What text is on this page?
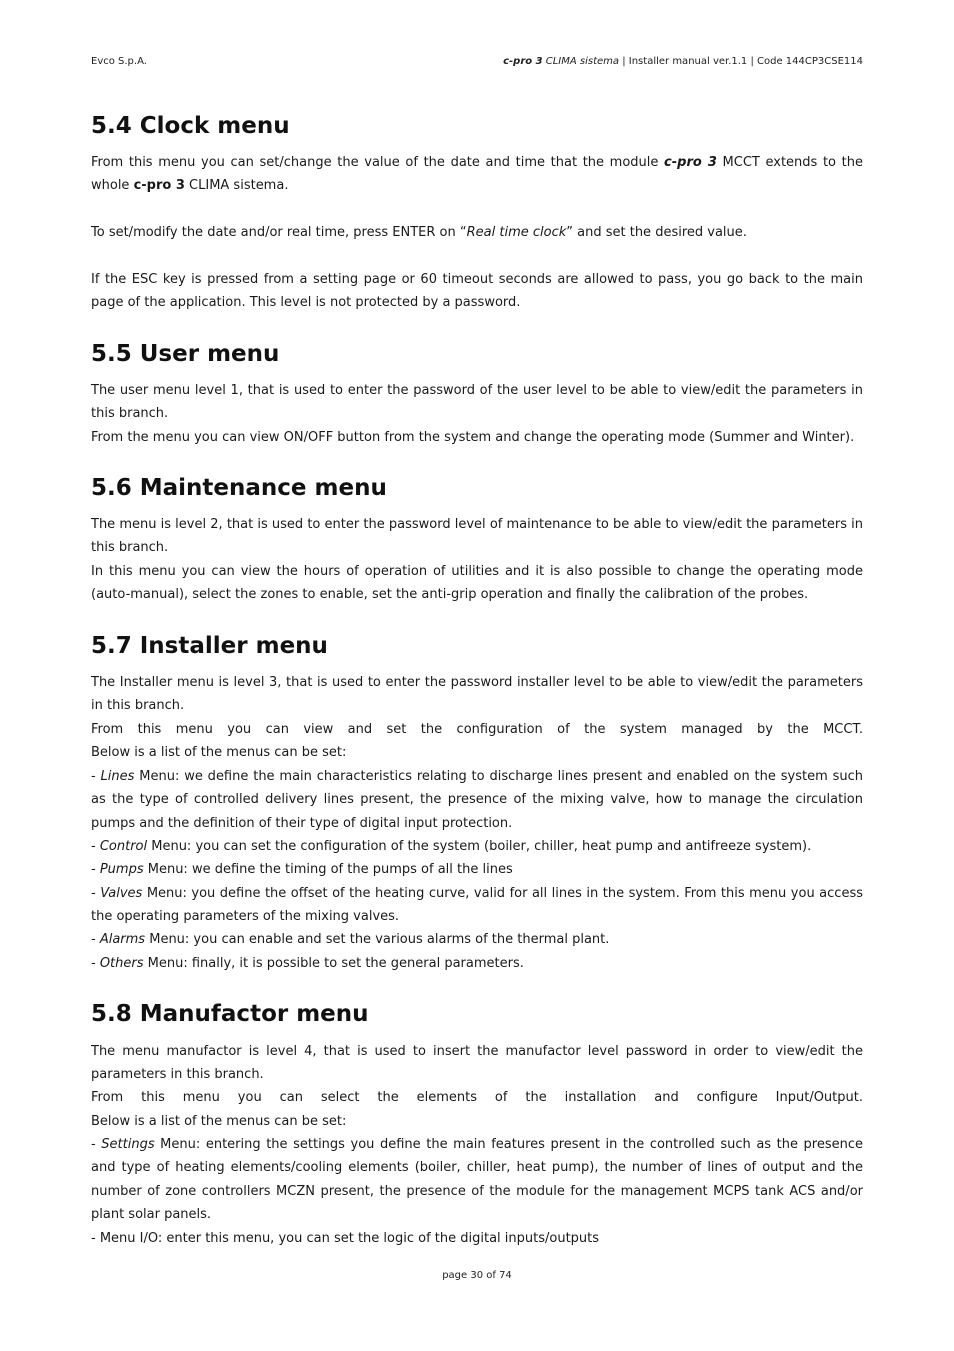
Evco S.p.A.	c-pro 3 CLIMA sistema | Installer manual ver.1.1 | Code 144CP3CSE114
5.4 Clock menu

From this menu you can set/change the value of the date and time that the module c-pro 3 MCCT extends to the whole c-pro 3 CLIMA sistema.

To set/modify the date and/or real time, press ENTER on “Real time clock” and set the desired value.

If the ESC key is pressed from a setting page or 60 timeout seconds are allowed to pass, you go back to the main page of the application. This level is not protected by a password.

5.5 User menu

The user menu level 1, that is used to enter the password of the user level to be able to view/edit the parameters in this branch.

From the menu you can view ON/OFF button from the system and change the operating mode (Summer and Winter).

5.6 Maintenance menu

The menu is level 2, that is used to enter the password level of maintenance to be able to view/edit the parameters in this branch.

In this menu you can view the hours of operation of utilities and it is also possible to change the operating mode (auto-manual), select the zones to enable, set the anti-grip operation and finally the calibration of the probes.

5.7 Installer menu

The Installer menu is level 3, that is used to enter the password installer level to be able to view/edit the parameters in this branch.

From this menu you can view and set the configuration of the system managed by the MCCT.

Below is a list of the menus can be set:

- Lines Menu: we define the main characteristics relating to discharge lines present and enabled on the system such as the type of controlled delivery lines present, the presence of the mixing valve, how to manage the circulation pumps and the definition of their type of digital input protection.

- Control Menu: you can set the configuration of the system (boiler, chiller, heat pump and antifreeze system).

- Pumps Menu: we define the timing of the pumps of all the lines

- Valves Menu: you define the offset of the heating curve, valid for all lines in the system. From this menu you access the operating parameters of the mixing valves.

- Alarms Menu: you can enable and set the various alarms of the thermal plant.

- Others Menu: finally, it is possible to set the general parameters.

5.8 Manufactor menu

The menu manufactor is level 4, that is used to insert the manufactor level password in order to view/edit the parameters in this branch.

From this menu you can select the elements of the installation and configure Input/Output.

Below is a list of the menus can be set:

- Settings Menu: entering the settings you define the main features present in the controlled such as the presence and type of heating elements/cooling elements (boiler, chiller, heat pump), the number of lines of output and the number of zone controllers MCZN present, the presence of the module for the management MCPS tank ACS and/or plant solar panels.

- Menu I/O: enter this menu, you can set the logic of the digital inputs/outputs

page 30 of 74
